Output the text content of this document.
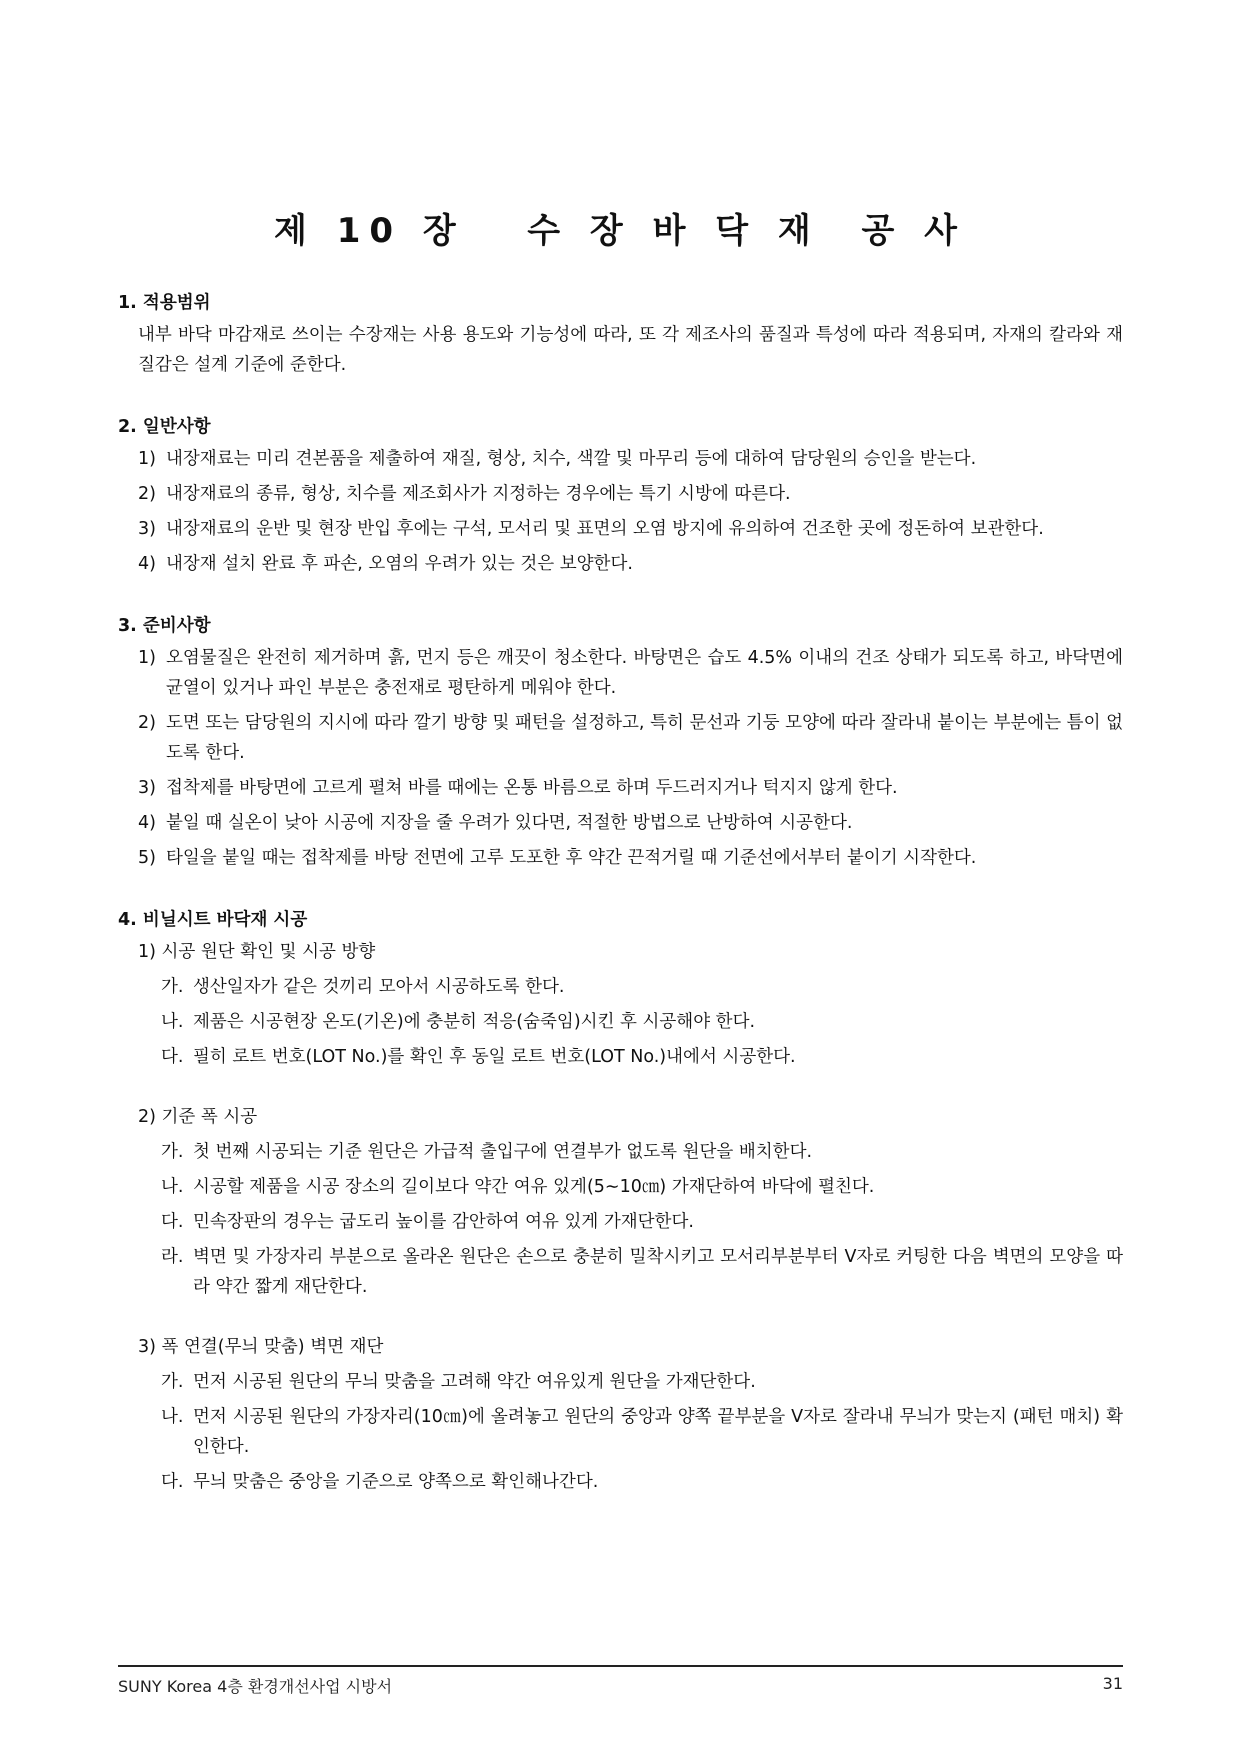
제 10 장   수 장 바 닥 재  공 사
1. 적용범위
내부 바닥 마감재로 쓰이는 수장재는 사용 용도와 기능성에 따라, 또 각 제조사의 품질과 특성에 따라 적용되며, 자재의 칼라와 재질감은 설계 기준에 준한다.
2. 일반사항
1) 내장재료는 미리 견본품을 제출하여 재질, 형상, 치수, 색깔 및 마무리 등에 대하여 담당원의 승인을 받는다.
2) 내장재료의 종류, 형상, 치수를 제조회사가 지정하는 경우에는 특기 시방에 따른다.
3) 내장재료의 운반 및 현장 반입 후에는 구석, 모서리 및 표면의 오염 방지에 유의하여 건조한 곳에 정돈하여 보관한다.
4) 내장재 설치 완료 후 파손, 오염의 우려가 있는 것은 보양한다.
3. 준비사항
1) 오염물질은 완전히 제거하며 흙, 먼지 등은 깨끗이 청소한다. 바탕면은 습도 4.5% 이내의 건조 상태가 되도록 하고, 바닥면에 균열이 있거나 파인 부분은 충전재로 평탄하게 메워야 한다.
2) 도면 또는 담당원의 지시에 따라 깔기 방향 및 패턴을 설정하고, 특히 문선과 기둥 모양에 따라 잘라내 붙이는 부분에는 틈이 없도록 한다.
3) 접착제를 바탕면에 고르게 펼쳐 바를 때에는 온통 바름으로 하며 두드러지거나 턱지지 않게 한다.
4) 붙일 때 실온이 낮아 시공에 지장을 줄 우려가 있다면, 적절한 방법으로 난방하여 시공한다.
5) 타일을 붙일 때는 접착제를 바탕 전면에 고루 도포한 후 약간 끈적거릴 때 기준선에서부터 붙이기 시작한다.
4. 비닐시트 바닥재 시공
1) 시공 원단 확인 및 시공 방향
가. 생산일자가 같은 것끼리 모아서 시공하도록 한다.
나. 제품은 시공현장 온도(기온)에 충분히 적응(숨죽임)시킨 후 시공해야 한다.
다. 필히 로트 번호(LOT No.)를 확인 후 동일 로트 번호(LOT No.)내에서 시공한다.
2) 기준 폭 시공
가. 첫 번째 시공되는 기준 원단은 가급적 출입구에 연결부가 없도록 원단을 배치한다.
나. 시공할 제품을 시공 장소의 길이보다 약간 여유 있게(5∼10㎝) 가재단하여 바닥에 펼친다.
다. 민속장판의 경우는 굽도리 높이를 감안하여 여유 있게 가재단한다.
라. 벽면 및 가장자리 부분으로 올라온 원단은 손으로 충분히 밀착시키고 모서리부분부터 V자로 커팅한 다음 벽면의 모양을 따라 약간 짧게 재단한다.
3) 폭 연결(무늬 맞춤) 벽면 재단
가. 먼저 시공된 원단의 무늬 맞춤을 고려해 약간 여유있게 원단을 가재단한다.
나. 먼저 시공된 원단의 가장자리(10㎝)에 올려놓고 원단의 중앙과 양쪽 끝부분을 V자로 잘라내 무늬가 맞는지 (패턴 매치) 확인한다.
다. 무늬 맞춤은 중앙을 기준으로 양쪽으로 확인해나간다.
SUNY Korea 4층 환경개선사업 시방서	31
